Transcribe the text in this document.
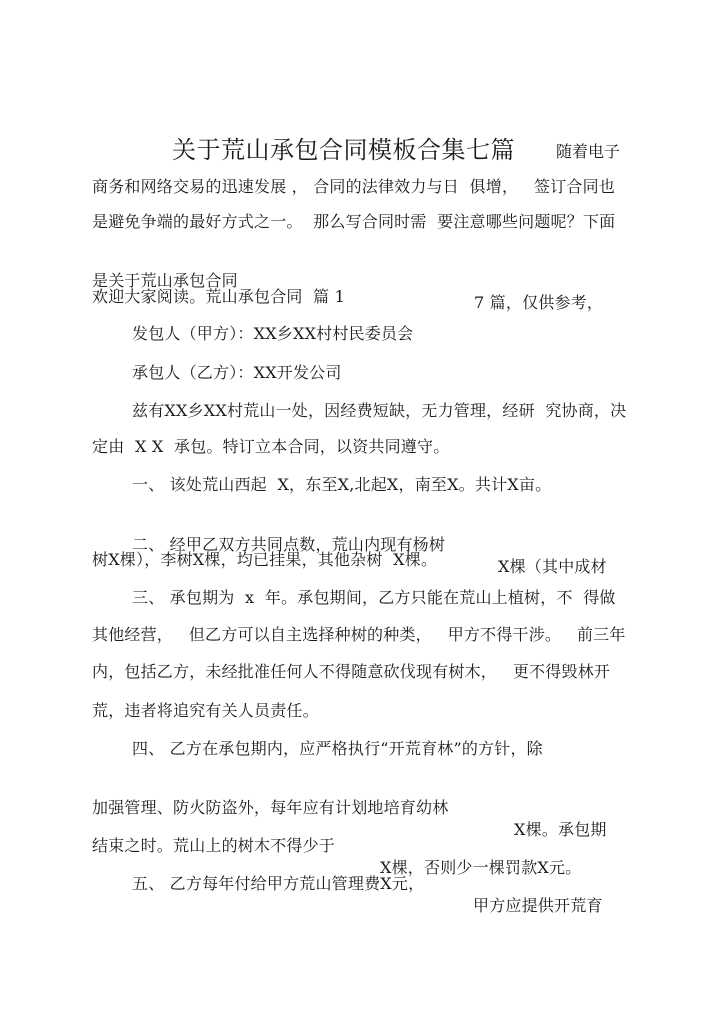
关于荒山承包合同模板合集七篇	随着电子
商务和网络交易的迅速发展 ， 合同的法律效力与日  俱增，   签订合同也
是避免争端的最好方式之一。  那么写合同时需  要注意哪些问题呢？下面

是关于荒山承包合同

7 篇，仅供参考，

欢迎大家阅读。荒山承包合同  篇 1
发包人（甲方）：XX乡XX村村民委员会
承包人（乙方）：XX开发公司
兹有XX乡XX村荒山一处，因经费短缺，无力管理，经研  究协商，决
定由  X X  承包。特订立本合同，以资共同遵守。
一、 该处荒山西起  X，东至X,北起X，南至X。共计X亩。

二、 经甲乙双方共同点数，荒山内现有杨树

X棵（其中成材

树X棵），李树X棵，均已挂果，其他杂树  X棵。
三、 承包期为  x  年。承包期间，乙方只能在荒山上植树，不  得做
其他经营，   但乙方可以自主选择种树的种类，   甲方不得干涉。   前三年
内，包括乙方，未经批准任何人不得随意砍伐现有树木，   更不得毁林开
荒，违者将追究有关人员责任。
四、 乙方在承包期内，应严格执行“开荒育林”的方针，除

加强管理、防火防盗外，每年应有计划地培育幼林

X棵。承包期

结束之时。荒山上的树木不得少于

X棵，否则少一棵罚款X元。

五、 乙方每年付给甲方荒山管理费X元，

甲方应提供开荒育
